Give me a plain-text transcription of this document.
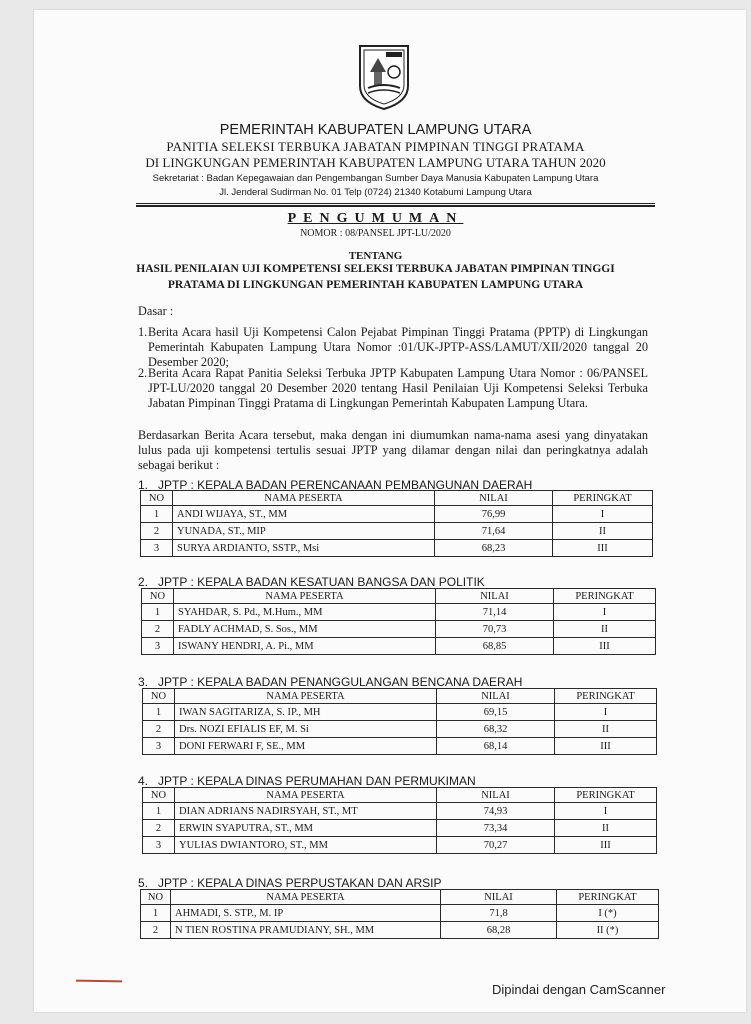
PEMERINTAH KABUPATEN LAMPUNG UTARA
PANITIA SELEKSI TERBUKA JABATAN PIMPINAN TINGGI PRATAMA
DI LINGKUNGAN PEMERINTAH KABUPATEN LAMPUNG UTARA TAHUN 2020
Sekretariat : Badan Kepegawaian dan Pengembangan Sumber Daya Manusia Kabupaten Lampung Utara
Jl. Jenderal Sudirman No. 01 Telp (0724) 21340 Kotabumi Lampung Utara
PENGUMUMAN
NOMOR : 08/PANSEL JPT-LU/2020
TENTANG
HASIL PENILAIAN UJI KOMPETENSI SELEKSI TERBUKA JABATAN PIMPINAN TINGGI
PRATAMA DI LINGKUNGAN PEMERINTAH KABUPATEN LAMPUNG UTARA
Dasar :
1. Berita Acara hasil Uji Kompetensi Calon Pejabat Pimpinan Tinggi Pratama (PPTP) di Lingkungan Pemerintah Kabupaten Lampung Utara Nomor :01/UK-JPTP-ASS/LAMUT/XII/2020 tanggal 20 Desember 2020;
2. Berita Acara Rapat Panitia Seleksi Terbuka JPTP Kabupaten Lampung Utara Nomor : 06/PANSEL JPT-LU/2020 tanggal 20 Desember 2020 tentang Hasil Penilaian Uji Kompetensi Seleksi Terbuka Jabatan Pimpinan Tinggi Pratama di Lingkungan Pemerintah Kabupaten Lampung Utara.
Berdasarkan Berita Acara tersebut, maka dengan ini diumumkan nama-nama asesi yang dinyatakan lulus pada uji kompetensi tertulis sesuai JPTP yang dilamar dengan nilai dan peringkatnya adalah sebagai berikut :
1. JPTP : KEPALA BADAN PERENCANAAN PEMBANGUNAN DAERAH
NO	NAMA PESERTA	NILAI	PERINGKAT
1	ANDI WIJAYA, ST., MM	76,99	I
2	YUNADA, ST., MIP	71,64	II
3	SURYA ARDIANTO, SSTP., Msi	68,23	III
2. JPTP : KEPALA BADAN KESATUAN BANGSA DAN POLITIK
NO	NAMA PESERTA	NILAI	PERINGKAT
1	SYAHDAR, S. Pd., M.Hum., MM	71,14	I
2	FADLY ACHMAD, S. Sos., MM	70,73	II
3	ISWANY HENDRI, A. Pi., MM	68,85	III
3. JPTP : KEPALA BADAN PENANGGULANGAN BENCANA DAERAH
NO	NAMA PESERTA	NILAI	PERINGKAT
1	IWAN SAGITARIZA, S. IP., MH	69,15	I
2	Drs. NOZI EFIALIS EF, M. Si	68,32	II
3	DONI FERWARI F, SE., MM	68,14	III
4. JPTP : KEPALA DINAS PERUMAHAN DAN PERMUKIMAN
NO	NAMA PESERTA	NILAI	PERINGKAT
1	DIAN ADRIANS NADIRSYAH, ST., MT	74,93	I
2	ERWIN SYAPUTRA, ST., MM	73,34	II
3	YULIAS DWIANTORO, ST., MM	70,27	III
5. JPTP : KEPALA DINAS PERPUSTAKAN DAN ARSIP
NO	NAMA PESERTA	NILAI	PERINGKAT
1	AHMADI, S. STP., M. IP	71,8	I (*)
2	N TIEN ROSTINA PRAMUDIANY, SH., MM	68,28	II (*)
Dipindai dengan CamScanner
